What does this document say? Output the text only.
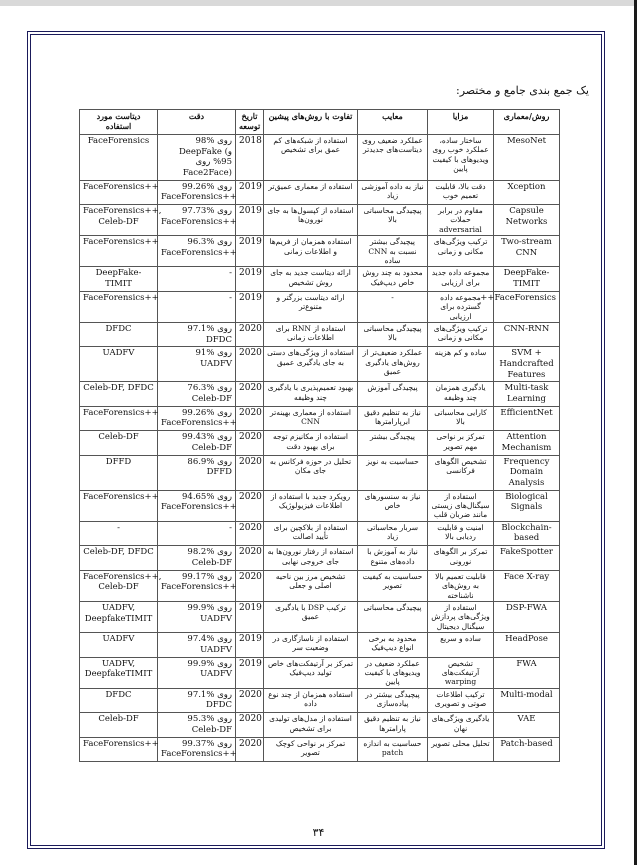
یک جمع بندی جامع و مختصر:
دیتاست مورد استفاده	دقت	تاریخ توسعه	تفاوت با روش‌های پیشین	معایب	مزایا	روش/معماری
FaceForensics	98% روی DeepFake (و 95% روی Face2Face)	2018	استفاده از شبکه‌های کم عمق برای تشخیص	عملکرد ضعیف روی دیتاست‌های جدیدتر	ساختار ساده، عملکرد خوب روی ویدیوهای با کیفیت پایین	MesoNet
FaceForensics++	99.26% روی FaceForensics++	2019	استفاده از معماری عمیق‌تر	نیاز به داده آموزشی زیاد	دقت بالا، قابلیت تعمیم خوب	Xception
FaceForensics++, Celeb-DF	97.73% روی FaceForensics++	2019	استفاده از کپسول‌ها به جای نورون‌ها	پیچیدگی محاسباتی بالا	مقاوم در برابر حملات adversarial	Capsule Networks
FaceForensics++	96.3% روی FaceForensics++	2019	استفاده همزمان از فریم‌ها و اطلاعات زمانی	پیچیدگی بیشتر نسبت به CNN ساده	ترکیب ویژگی‌های مکانی و زمانی	Two-stream CNN
DeepFake-TIMIT	-	2019	ارائه دیتاست جدید به جای روش تشخیص	محدود به چند روش خاص دیپ‌فیک	مجموعه داده جدید برای ارزیابی	DeepFake-TIMIT
FaceForensics++	-	2019	ارائه دیتاست بزرگتر و متنوع‌تر	-	مجموعه داده گسترده برای ارزیابی	FaceForensics++
DFDC	97.1% روی DFDC	2020	استفاده از RNN برای اطلاعات زمانی	پیچیدگی محاسباتی بالا	ترکیب ویژگی‌های مکانی و زمانی	CNN-RNN
UADFV	91% روی UADFV	2020	استفاده از ویژگی‌های دستی به جای یادگیری عمیق	عملکرد ضعیف‌تر از روش‌های یادگیری عمیق	ساده و کم هزینه	SVM + Handcrafted Features
Celeb-DF, DFDC	76.3% روی Celeb-DF	2020	بهبود تعمیم‌پذیری با یادگیری چند وظیفه	پیچیدگی آموزش	یادگیری همزمان چند وظیفه	Multi-task Learning
FaceForensics++	99.26% روی FaceForensics++	2020	استفاده از معماری بهینه‌تر CNN	نیاز به تنظیم دقیق ابرپارامترها	کارایی محاسباتی بالا	EfficientNet
Celeb-DF	99.43% روی Celeb-DF	2020	استفاده از مکانیزم توجه برای بهبود دقت	پیچیدگی بیشتر	تمرکز بر نواحی مهم تصویر	Attention Mechanism
DFFD	86.9% روی DFFD	2020	تحلیل در حوزه فرکانس به جای مکان	حساسیت به نویز	تشخیص الگوهای فرکانسی	Frequency Domain Analysis
FaceForensics++	94.65% روی FaceForensics++	2020	رویکرد جدید با استفاده از اطلاعات فیزیولوژیک	نیاز به سنسورهای خاص	استفاده از سیگنال‌های زیستی مانند ضربان قلب	Biological Signals
-	-	2020	استفاده از بلاکچین برای تأیید اصالت	سربار محاسباتی زیاد	امنیت و قابلیت ردیابی بالا	Blockchain-based
Celeb-DF, DFDC	98.2% روی Celeb-DF	2020	استفاده از رفتار نورون‌ها به جای خروجی نهایی	نیاز به آموزش با داده‌های متنوع	تمرکز بر الگوهای نورونی	FakeSpotter
FaceForensics++, Celeb-DF	99.17% روی FaceForensics++	2020	تشخیص مرز بین ناحیه اصلی و جعلی	حساسیت به کیفیت تصویر	قابلیت تعمیم بالا به روش‌های ناشناخته	Face X-ray
UADFV, DeepfakeTIMIT	99.9% روی UADFV	2019	ترکیب DSP با یادگیری عمیق	پیچیدگی محاسباتی	استفاده از ویژگی‌های پردازش سیگنال دیجیتال	DSP-FWA
UADFV	97.4% روی UADFV	2019	استفاده از ناسازگاری در وضعیت سر	محدود به برخی انواع دیپ‌فیک	ساده و سریع	HeadPose
UADFV, DeepfakeTIMIT	99.9% روی UADFV	2019	تمرکز بر آرتیفکت‌های خاص تولید دیپ‌فیک	عملکرد ضعیف در ویدیوهای با کیفیت پایین	تشخیص آرتیفکت‌های warping	FWA
DFDC	97.1% روی DFDC	2020	استفاده همزمان از چند نوع داده	پیچیدگی بیشتر در پیاده‌سازی	ترکیب اطلاعات صوتی و تصویری	Multi-modal
Celeb-DF	95.3% روی Celeb-DF	2020	استفاده از مدل‌های تولیدی برای تشخیص	نیاز به تنظیم دقیق پارامترها	یادگیری ویژگی‌های نهان	VAE
FaceForensics++	99.37% روی FaceForensics++	2020	تمرکز بر نواحی کوچک تصویر	حساسیت به اندازه patch	تحلیل محلی تصویر	Patch-based
۳۴
